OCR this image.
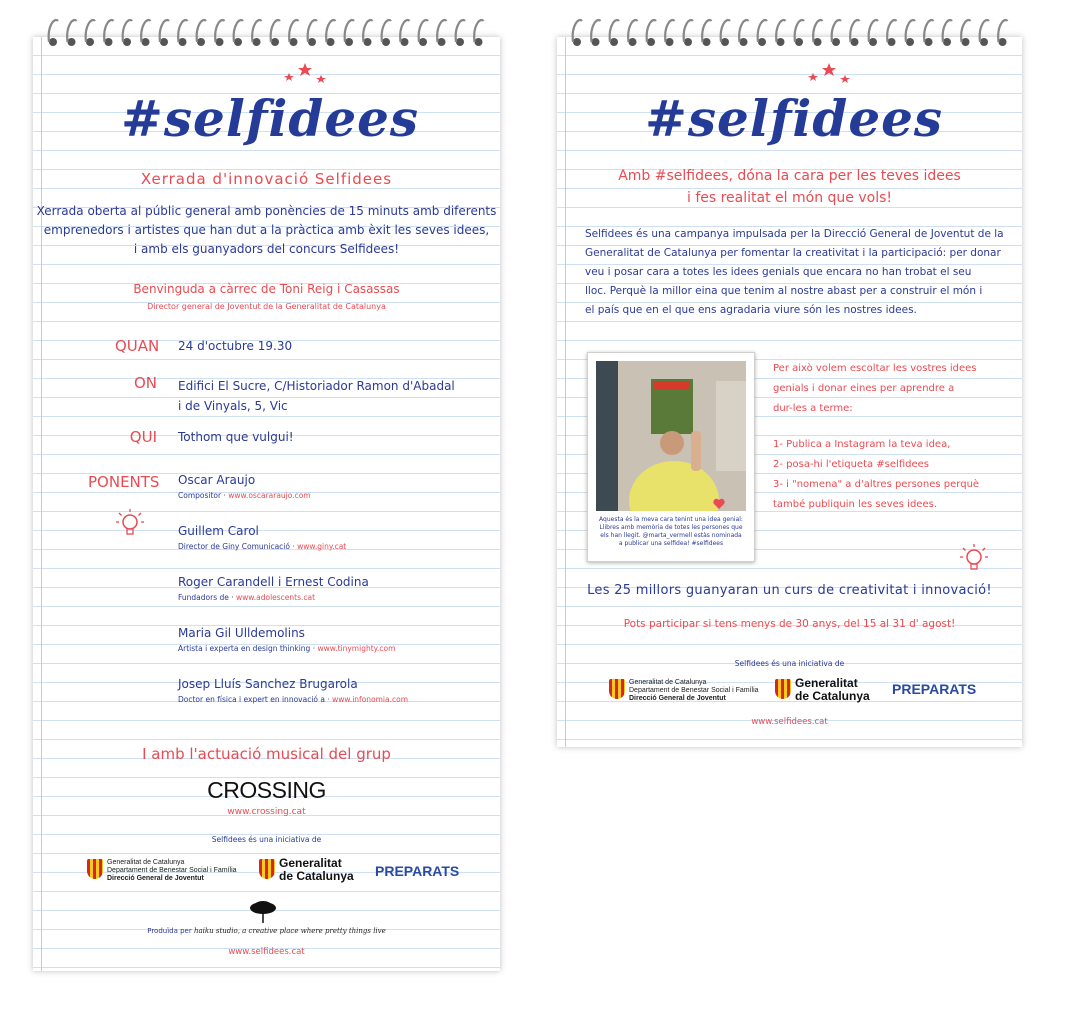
#selfidees
Xerrada d'innovació Selfidees
Xerrada oberta al públic general amb ponències de 15 minuts amb diferents
emprenedors i artistes que han dut a la pràctica amb èxit les seves idees,
i amb els guanyadors del concurs Selfidees!
Benvinguda a càrrec de Toni Reig i Casassas
Director general de Joventut de la Generalitat de Catalunya
QUAN 24 d'octubre 19.30
ON Edifici El Sucre, C/Historiador Ramon d'Abadal
i de Vinyals, 5, Vic
QUI Tothom que vulgui!
PONENTS Oscar Araujo
Compositor · www.oscararaujo.com
Guillem Carol
Director de Giny Comunicació · www.giny.cat
Roger Carandell i Ernest Codina
Fundadors de · www.adolescents.cat
Maria Gil Ulldemolins
Artista i experta en design thinking · www.tinymighty.com
Josep Lluís Sanchez Brugarola
Doctor en física i expert en innovació a · www.infonomia.com
I amb l'actuació musical del grup
CROSSING
www.crossing.cat
Selfidees és una iniciativa de
Generalitat de Catalunya
Departament de Benestar Social i Família
Direcció General de Joventut
Generalitat
de Catalunya PREPARATS
Produïda per haiku studio, a creative place where pretty things live
www.selfidees.cat
#selfidees
Amb #selfidees, dóna la cara per les teves idees
i fes realitat el món que vols!
Selfidees és una campanya impulsada per la Direcció General de Joventut de la
Generalitat de Catalunya per fomentar la creativitat i la participació: per donar
veu i posar cara a totes les idees genials que encara no han trobat el seu
lloc. Perquè la millor eina que tenim al nostre abast per a construir el món i
el país que en el que ens agradaria viure són les nostres idees.
Aquesta és la meva cara tenint una idea genial:
Llibres amb memòria de totes les persones que
els han llegit. @marta_vermell estàs nominada
a publicar una selfidea! #selfidees
Per això volem escoltar les vostres idees
genials i donar eines per aprendre a
dur-les a terme:
1- Publica a Instagram la teva idea,
2- posa-hi l'etiqueta #selfidees
3- i "nomena" a d'altres persones perquè
també publiquin les seves idees.
Les 25 millors guanyaran un curs de creativitat i innovació!
Pots participar si tens menys de 30 anys, del 15 al 31 d' agost!
Selfidees és una iniciativa de
Generalitat de Catalunya
Departament de Benestar Social i Família
Direcció General de Joventut
Generalitat
de Catalunya PREPARATS
www.selfidees.cat
